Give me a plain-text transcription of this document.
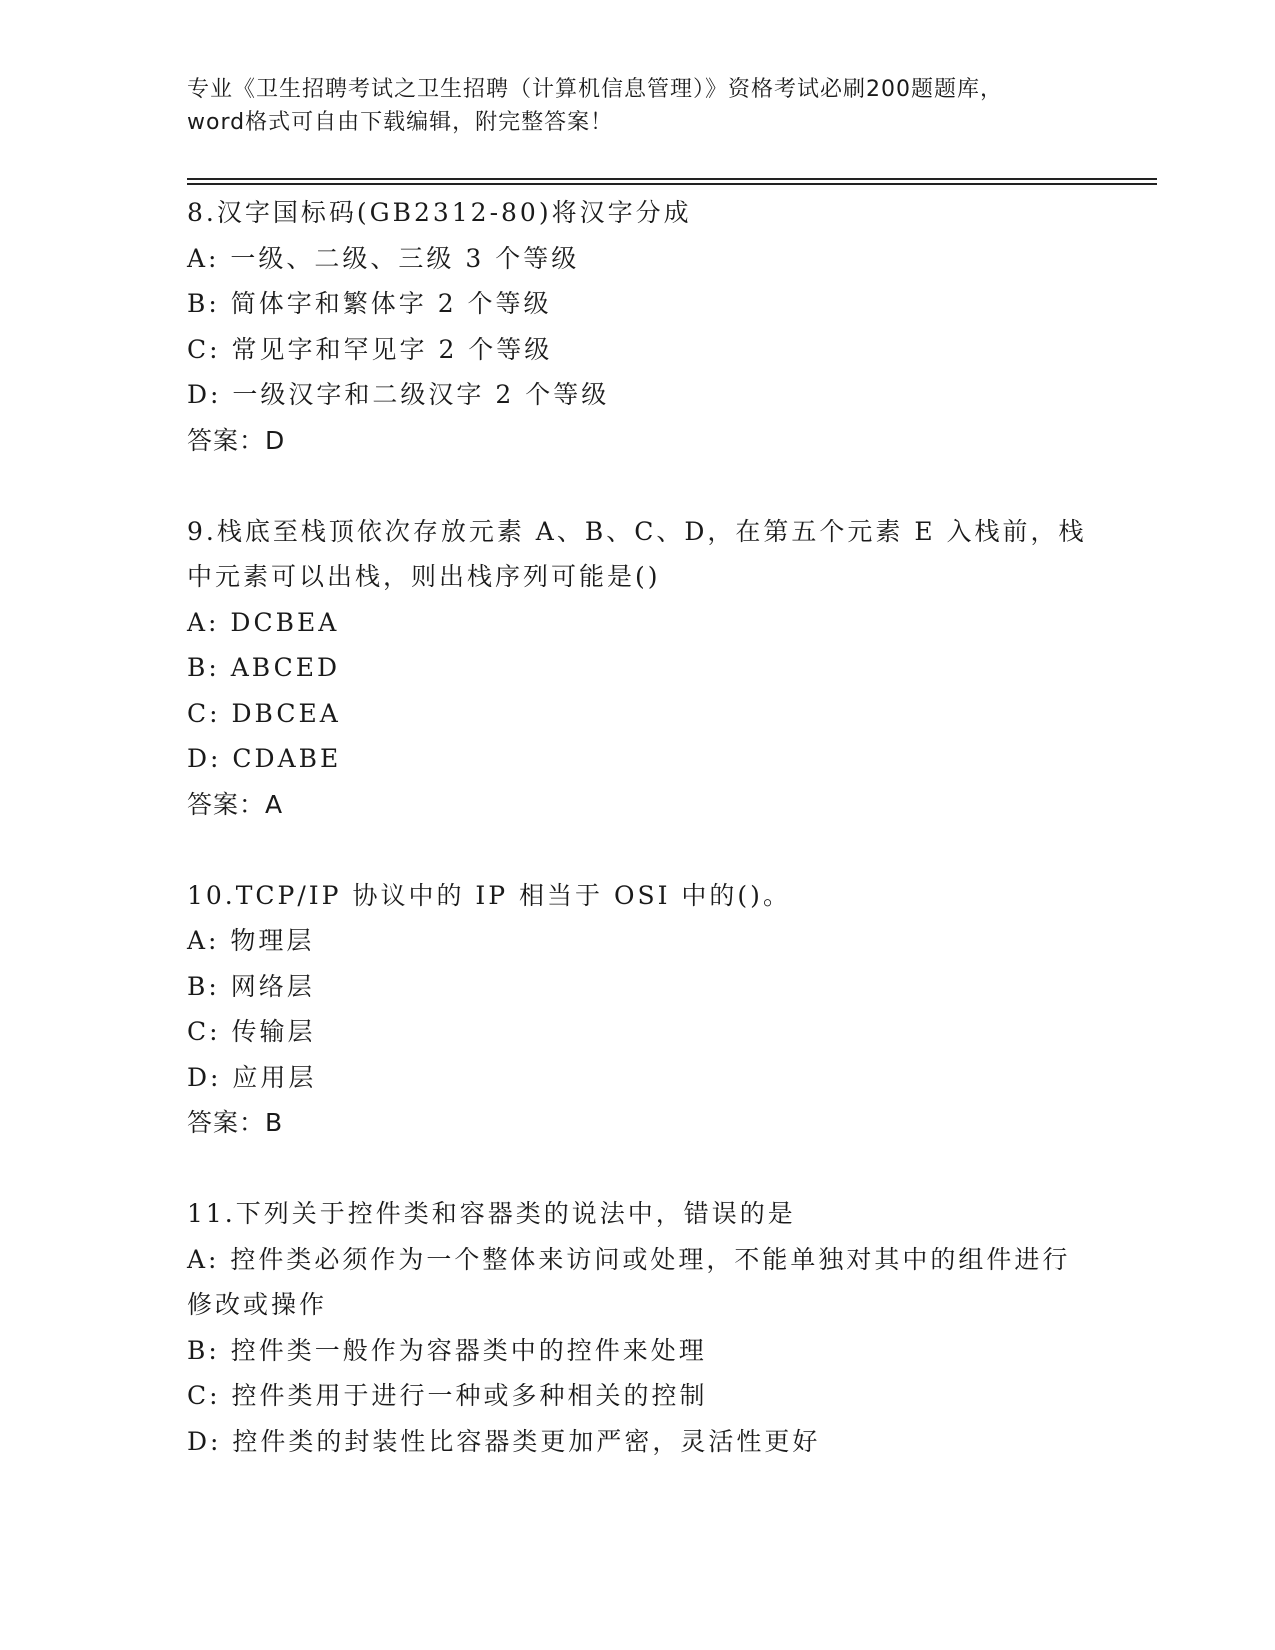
专业《卫生招聘考试之卫生招聘（计算机信息管理）》资格考试必刷200题题库，
word格式可自由下载编辑，附完整答案！

8.汉字国标码(GB2312-80)将汉字分成

A: 一级、二级、三级 3 个等级

B: 简体字和繁体字 2 个等级

C: 常见字和罕见字 2 个等级

D: 一级汉字和二级汉字 2 个等级

答案：D

9.栈底至栈顶依次存放元素 A、B、C、D，在第五个元素 E 入栈前，栈中元素可以出栈，则出栈序列可能是()

A: DCBEA

B: ABCED

C: DBCEA

D: CDABE

答案：A

10.TCP/IP 协议中的 IP 相当于 OSI 中的()。

A: 物理层

B: 网络层

C: 传输层

D: 应用层

答案：B

11.下列关于控件类和容器类的说法中，错误的是

A: 控件类必须作为一个整体来访问或处理，不能单独对其中的组件进行修改或操作

B: 控件类一般作为容器类中的控件来处理

C: 控件类用于进行一种或多种相关的控制

D: 控件类的封装性比容器类更加严密，灵活性更好
